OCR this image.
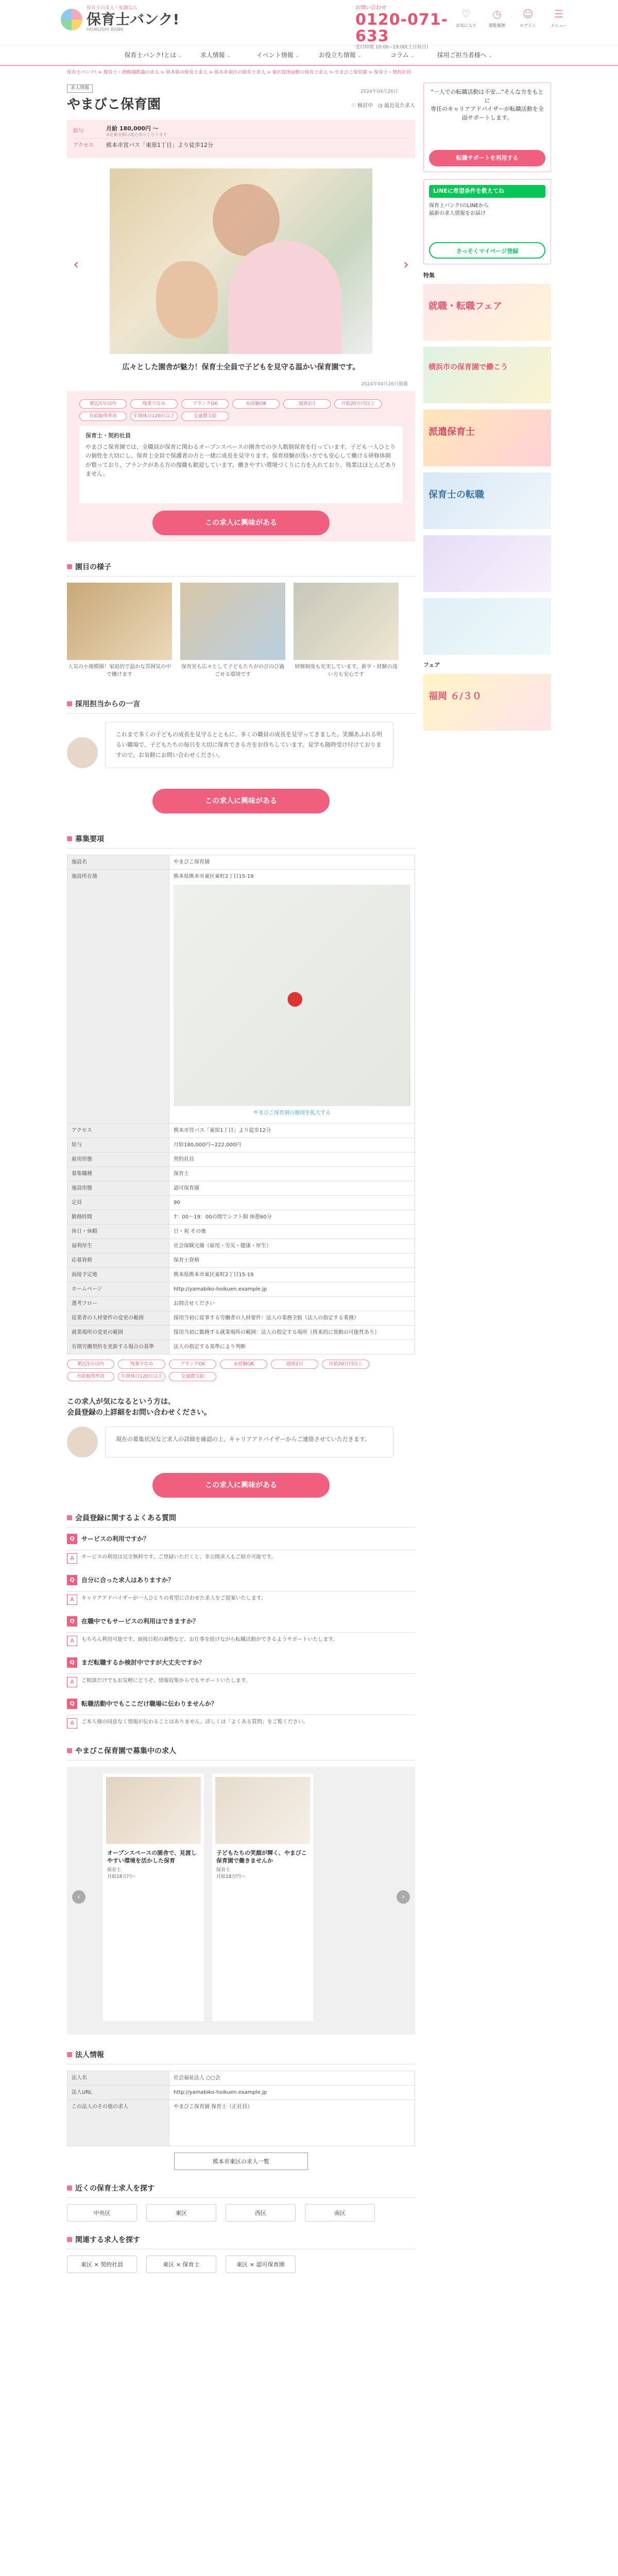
保育士の求人・転職なら
保育士バンク!
HOIKUSHI BANK
お問い合わせ
0120-071-633
受付時間 10:00~19:00(土日祝日)
♡
お気に入り
◷
閲覧履歴
☺
ログイン
☰
メニュー
保育士バンク!とは ⌄	求人情報 ⌄	イベント情報 ⌄	お役立ち情報 ⌄	コラム ⌄	採用ご担当者様へ ⌄
保育士バンク! > 保育士・幼稚園教諭の求人 > 熊本県の保育士求人 > 熊本市東区の保育士求人 > 東区役所前駅の保育士求人 > やまびこ保育園 > 保育士・契約社員
2024年04月26日
求人情報
やまびこ保育園	♡ 検討中 ◷ 最近見た求人
給与	月給 180,000円 〜
※記載金額は税込表示となります
アクセス	熊本市営バス「東原1丁目」より徒歩12分
‹	›
広々とした園舎が魅力！保育士全員で子どもを見守る温かい保育園です。
2024年04月26日掲載
駅近5分以内	残業少なめ	ブランクOK	未経験OK	週休2日	月給20万円以上
有給取得率高	年間休日120日以上	交通費支給
保育士・契約社員
やまびこ保育園では、全職員が保育に関わるオープンスペースの園舎での少人数制保育を行っています。子ども一人ひとりの個性を大切にし、保育士全員で保護者の方と一緒に成長を見守ります。保育経験が浅い方でも安心して働ける研修体制が整っており、ブランクがある方の復職も歓迎しています。働きやすい環境づくりに力を入れており、残業はほとんどありません。
この求人に興味がある
園目の様子
人気の小規模園！家庭的で温かな雰囲気の中で働けます
保育室も広々として子どもたちがのびのび過ごせる環境です
研修制度も充実しています。新卒・経験の浅い方も安心です
採用担当からの一言
これまで多くの子どもの成長を見守るとともに、多くの職員の成長を見守ってきました。笑顔あふれる明るい職場で、子どもたちの毎日を大切に保育できる方をお待ちしています。見学も随時受け付けておりますので、お気軽にお問い合わせください。
この求人に興味がある
募集要項
施設名	やまびこ保育園
施設所在地	熊本県熊本市東区東町2丁目15-19
⬤
やまびこ保育園の地図を拡大する

アクセス	熊本市営バス「東原1丁目」より徒歩12分
給与	月給180,000円~222,000円
雇用形態	契約社員
募集職種	保育士
施設形態	認可保育園
定員	90
勤務時間	7：00〜19：00の間でシフト制 休憩60分
休日・休暇	日・祝 その他
福利厚生	社会保険完備（雇用・労災・健康・厚生）
応募資格	保育士資格
面接予定地	熊本県熊本市東区東町2丁目15-19
ホームページ	http://yamabiko-hoikuen.example.jp
選考フロー	お問合せください
従業者の人材要件の変更の範囲	採用当初に従事する労働者の人材要件：法人の業務全般（法人の指定する業務）
就業場所の変更の範囲	採用当初に勤務する就業場所の範囲：法人の指定する場所（将来的に異動の可能性あり）
有期労働契約を更新する場合の基準	法人の指定する基準により判断
駅近5分以内	残業少なめ	ブランクOK	未経験OK	週休2日	月給20万円以上
有給取得率高	年間休日120日以上	交通費支給
この求人が気になるという方は、
会員登録の上詳細をお問い合わせください。
現在の募集状況など求人の詳細を確認の上、キャリアアドバイザーからご連絡させていただきます。
この求人に興味がある
会員登録に関するよくある質問
Q	サービスの利用ですか？
A	サービスの利用は完全無料です。ご登録いただくと、非公開求人もご紹介可能です。
Q	自分に合った求人はありますか？
A	キャリアアドバイザーが一人ひとりの希望に合わせた求人をご提案いたします。
Q	在職中でもサービスの利用はできますか？
A	もちろん利用可能です。面接日程の調整など、お仕事を続けながら転職活動ができるようサポートいたします。
Q	まだ転職するか検討中ですが大丈夫ですか？
A	ご相談だけでもお気軽にどうぞ。情報収集からでもサポートいたします。
Q	転職活動中でもここだけ職場に伝わりませんか？
A	ご本人様の同意なく情報が伝わることはありません。詳しくは「よくある質問」をご覧ください。
やまびこ保育園で募集中の求人
‹
オープンスペースの園舎で、見渡しやすい環境を活かした保育
保育士
月給18万円～
子どもたちの笑顔が輝く、やまびこ保育園で働きませんか
保育士
月給18万円～
›
法人情報
法人名	社会福祉法人 ○○会
法人URL	http://yamabiko-hoikuen.example.jp
この法人のその他の求人	やまびこ保育園 保育士（正社員）
熊本市東区の求人一覧
近くの保育士求人を探す
中央区	東区	西区	南区
関連する求人を探す
東区 × 契約社員	東区 × 保育士	東区 × 認可保育園
"一人での転職活動は不安…"そんな方をもとに
専任のキャリアアドバイザーが転職活動を全面サポートします。
転職サポートを利用する
LINEに希望条件を教えてね
保育士バンク!のLINEから
最新の求人情報をお届け
さっそくマイページ登録
特集
就職・転職フェア
横浜市の保育園で働こう
派遣保育士
保育士の転職
フェア
福岡 ６/３０
